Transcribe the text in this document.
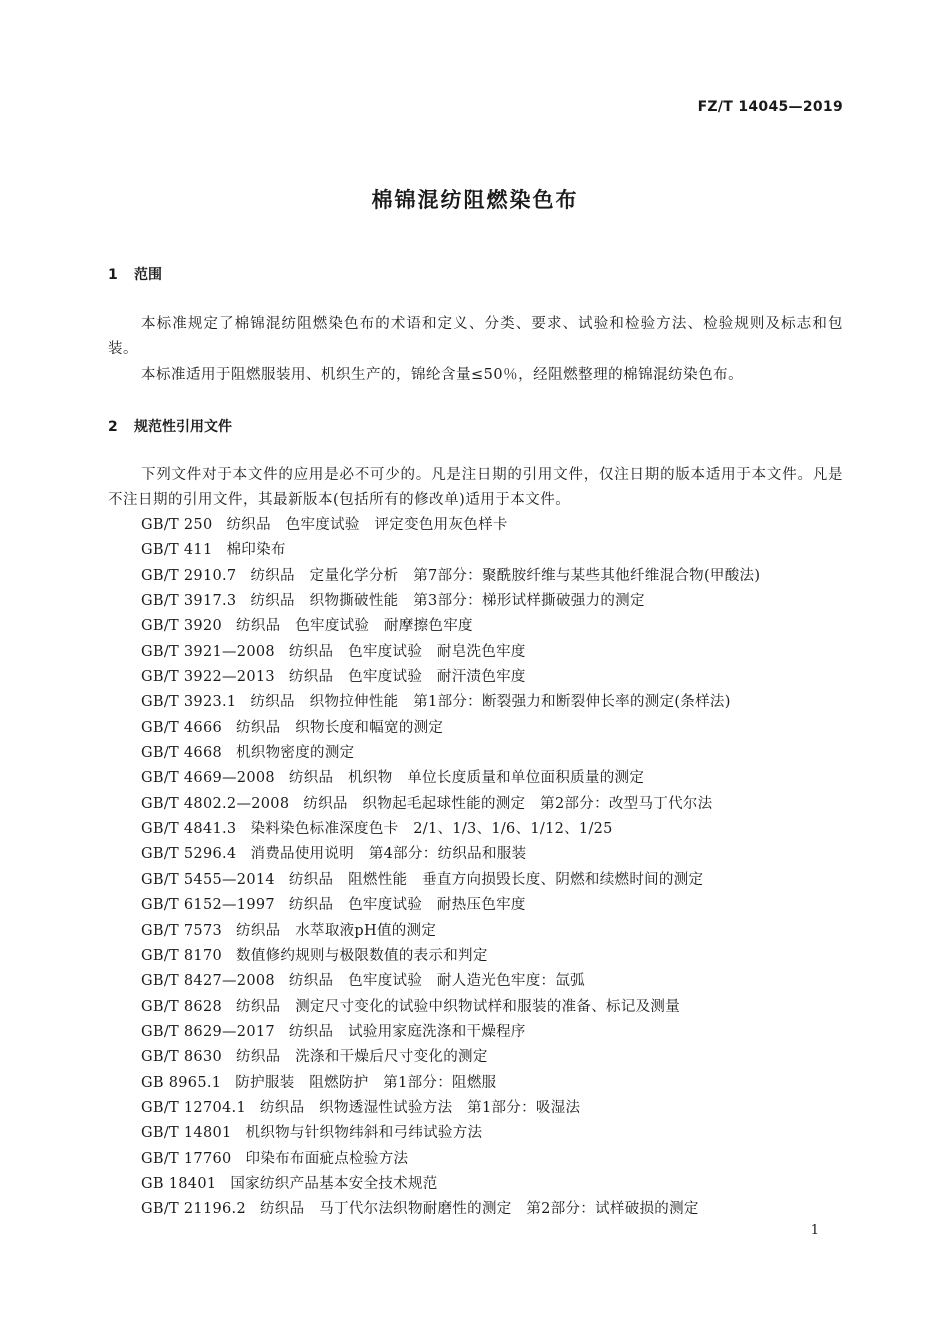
FZ/T 14045—2019
棉锦混纺阻燃染色布
1 范围

本标准规定了棉锦混纺阻燃染色布的术语和定义、分类、要求、试验和检验方法、检验规则及标志和包装。

本标准适用于阻燃服装用、机织生产的，锦纶含量≤50％，经阻燃整理的棉锦混纺染色布。

2 规范性引用文件

下列文件对于本文件的应用是必不可少的。凡是注日期的引用文件，仅注日期的版本适用于本文件。凡是不注日期的引用文件，其最新版本(包括所有的修改单)适用于本文件。

GB/T 250 纺织品　色牢度试验　评定变色用灰色样卡
GB/T 411 棉印染布
GB/T 2910.7 纺织品　定量化学分析　第7部分：聚酰胺纤维与某些其他纤维混合物(甲酸法)
GB/T 3917.3 纺织品　织物撕破性能　第3部分：梯形试样撕破强力的测定
GB/T 3920 纺织品　色牢度试验　耐摩擦色牢度
GB/T 3921—2008 纺织品　色牢度试验　耐皂洗色牢度
GB/T 3922—2013 纺织品　色牢度试验　耐汗渍色牢度
GB/T 3923.1 纺织品　织物拉伸性能　第1部分：断裂强力和断裂伸长率的测定(条样法)
GB/T 4666 纺织品　织物长度和幅宽的测定
GB/T 4668 机织物密度的测定
GB/T 4669—2008 纺织品　机织物　单位长度质量和单位面积质量的测定
GB/T 4802.2—2008 纺织品　织物起毛起球性能的测定　第2部分：改型马丁代尔法
GB/T 4841.3 染料染色标准深度色卡　2/1、1/3、1/6、1/12、1/25
GB/T 5296.4 消费品使用说明　第4部分：纺织品和服装
GB/T 5455—2014 纺织品　阻燃性能　垂直方向损毁长度、阴燃和续燃时间的测定
GB/T 6152—1997 纺织品　色牢度试验　耐热压色牢度
GB/T 7573 纺织品　水萃取液pH值的测定
GB/T 8170 数值修约规则与极限数值的表示和判定
GB/T 8427—2008 纺织品　色牢度试验　耐人造光色牢度：氙弧
GB/T 8628 纺织品　测定尺寸变化的试验中织物试样和服装的准备、标记及测量
GB/T 8629—2017 纺织品　试验用家庭洗涤和干燥程序
GB/T 8630 纺织品　洗涤和干燥后尺寸变化的测定
GB 8965.1 防护服装　阻燃防护　第1部分：阻燃服
GB/T 12704.1 纺织品　织物透湿性试验方法　第1部分：吸湿法
GB/T 14801 机织物与针织物纬斜和弓纬试验方法
GB/T 17760 印染布布面疵点检验方法
GB 18401 国家纺织产品基本安全技术规范
GB/T 21196.2 纺织品　马丁代尔法织物耐磨性的测定　第2部分：试样破损的测定
1
